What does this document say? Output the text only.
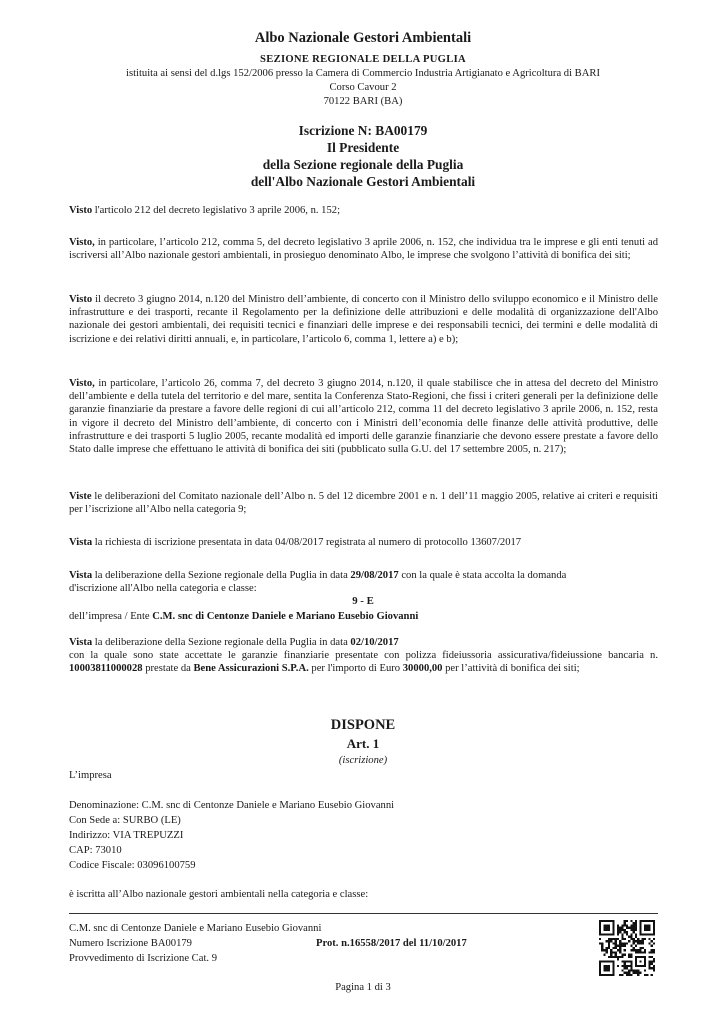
Albo Nazionale Gestori Ambientali
SEZIONE REGIONALE DELLA PUGLIA
istituita ai sensi del d.lgs 152/2006 presso la Camera di Commercio Industria Artigianato e Agricoltura di BARI
Corso Cavour 2
70122 BARI (BA)
Iscrizione N: BA00179
Il Presidente
della Sezione regionale della Puglia
dell'Albo Nazionale Gestori Ambientali

Visto l'articolo 212 del decreto legislativo 3 aprile 2006, n. 152;

Visto, in particolare, l’articolo 212, comma 5, del decreto legislativo 3 aprile 2006, n. 152, che individua tra le imprese e gli enti tenuti ad iscriversi all’Albo nazionale gestori ambientali, in prosieguo denominato Albo, le imprese che svolgono l’attività di bonifica dei siti;

Visto il decreto 3 giugno 2014, n.120 del Ministro dell’ambiente, di concerto con il Ministro dello sviluppo economico e il Ministro delle infrastrutture e dei trasporti, recante il Regolamento per la definizione delle attribuzioni e delle modalità di organizzazione dell'Albo nazionale dei gestori ambientali, dei requisiti tecnici e finanziari delle imprese e dei responsabili tecnici, dei termini e delle modalità di iscrizione e dei relativi diritti annuali, e, in particolare, l’articolo 6, comma 1, lettere a) e b);

Visto, in particolare, l’articolo 26, comma 7, del decreto 3 giugno 2014, n.120, il quale stabilisce che in attesa del decreto del Ministro dell’ambiente e della tutela del territorio e del mare, sentita la Conferenza Stato-Regioni, che fissi i criteri generali per la definizione delle garanzie finanziarie da prestare a favore delle regioni di cui all’articolo 212, comma 11 del decreto legislativo 3 aprile 2006, n. 152, resta in vigore il decreto del Ministro dell’ambiente, di concerto con i Ministri dell’economia delle finanze delle attività produttive, delle infrastrutture e dei trasporti 5 luglio 2005, recante modalità ed importi delle garanzie finanziarie che devono essere prestate a favore dello Stato dalle imprese che effettuano le attività di bonifica dei siti (pubblicato sulla G.U. del 17 settembre 2005, n. 217);

Viste le deliberazioni del Comitato nazionale dell’Albo n. 5 del 12 dicembre 2001 e n. 1 dell’11 maggio 2005, relative ai criteri e requisiti per l’iscrizione all’Albo nella categoria 9;

Vista la richiesta di iscrizione presentata in data 04/08/2017 registrata al numero di protocollo 13607/2017

Vista la deliberazione della Sezione regionale della Puglia in data 29/08/2017 con la quale è stata accolta la domanda

d'iscrizione all'Albo nella categoria e classe:

9 - E
dell’impresa / Ente C.M. snc di Centonze Daniele e Mariano Eusebio Giovanni

Vista la deliberazione della Sezione regionale della Puglia in data 02/10/2017

con la quale sono state accettate le garanzie finanziarie presentate con polizza fideiussoria assicurativa/fideiussione bancaria n. 10003811000028 prestate da Bene Assicurazioni S.P.A. per l'importo di Euro 30000,00 per l’attività di bonifica dei siti;

DISPONE
Art. 1
(iscrizione)
L’impresa
Denominazione: C.M. snc di Centonze Daniele e Mariano Eusebio Giovanni
Con Sede a: SURBO (LE)
Indirizzo: VIA TREPUZZI
CAP: 73010
Codice Fiscale: 03096100759
è iscritta all’Albo nazionale gestori ambientali nella categoria e classe:
C.M. snc di Centonze Daniele e Mariano Eusebio Giovanni
Numero Iscrizione BA00179	Prot. n.16558/2017 del 11/10/2017
Provvedimento di Iscrizione Cat. 9
Pagina 1 di 3
